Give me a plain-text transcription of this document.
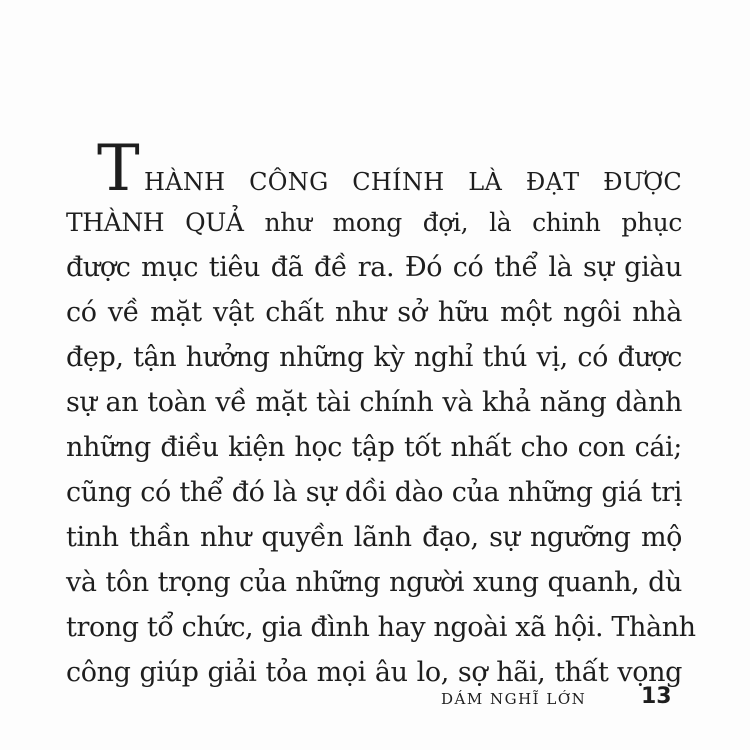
T HÀNH CÔNG CHÍNH LÀ ĐẠT ĐƯỢC
THÀNH QUẢ như mong đợi, là chinh phục
được mục tiêu đã đề ra. Đó có thể là sự giàu
có về mặt vật chất như sở hữu một ngôi nhà
đẹp, tận hưởng những kỳ nghỉ thú vị, có được
sự an toàn về mặt tài chính và khả năng dành
những điều kiện học tập tốt nhất cho con cái;
cũng có thể đó là sự dồi dào của những giá trị
tinh thần như quyền lãnh đạo, sự ngưỡng mộ
và tôn trọng của những người xung quanh, dù
trong tổ chức, gia đình hay ngoài xã hội. Thành
công giúp giải tỏa mọi âu lo, sợ hãi, thất vọng
DÁM NGHĨ LỚN 13
